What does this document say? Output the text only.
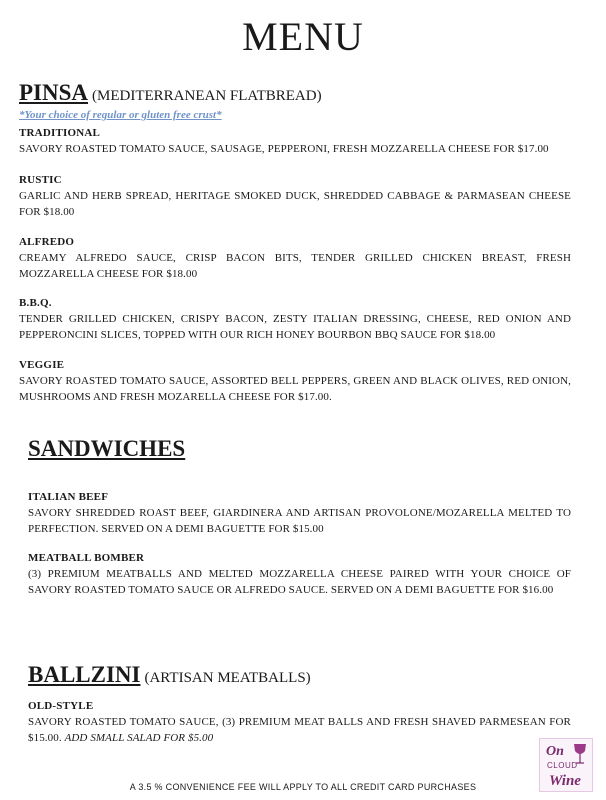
MENU
PINSA (MEDITERRANEAN FLATBREAD)
*Your choice of regular or gluten free crust*
TRADITIONAL
SAVORY ROASTED TOMATO SAUCE, SAUSAGE, PEPPERONI, FRESH MOZZARELLA CHEESE FOR $17.00
RUSTIC
GARLIC AND HERB SPREAD, HERITAGE SMOKED DUCK, SHREDDED CABBAGE & PARMASEAN CHEESE FOR $18.00
ALFREDO
CREAMY ALFREDO SAUCE, CRISP BACON BITS, TENDER GRILLED CHICKEN BREAST, FRESH MOZZARELLA CHEESE FOR $18.00
B.B.Q.
TENDER GRILLED CHICKEN, CRISPY BACON, ZESTY ITALIAN DRESSING, CHEESE, RED ONION AND PEPPERONCINI SLICES, TOPPED WITH OUR RICH HONEY BOURBON BBQ SAUCE FOR $18.00
VEGGIE
SAVORY ROASTED TOMATO SAUCE, ASSORTED BELL PEPPERS, GREEN AND BLACK OLIVES, RED ONION, MUSHROOMS AND FRESH MOZARELLA CHEESE FOR $17.00.
SANDWICHES
ITALIAN BEEF
SAVORY SHREDDED ROAST BEEF, GIARDINERA AND ARTISAN PROVOLONE/MOZARELLA MELTED TO PERFECTION. SERVED ON A DEMI BAGUETTE FOR $15.00
MEATBALL BOMBER
(3) PREMIUM MEATBALLS AND MELTED MOZZARELLA CHEESE PAIRED WITH YOUR CHOICE OF SAVORY ROASTED TOMATO SAUCE OR ALFREDO SAUCE. SERVED ON A DEMI BAGUETTE FOR $16.00
BALLZINI (ARTISAN MEATBALLS)
OLD-STYLE
SAVORY ROASTED TOMATO SAUCE, (3) PREMIUM MEAT BALLS AND FRESH SHAVED PARMESEAN FOR $15.00. ADD SMALL SALAD FOR $5.00
On
CLOUD
Wine
A 3.5 % CONVENIENCE FEE WILL APPLY TO ALL CREDIT CARD PURCHASES
